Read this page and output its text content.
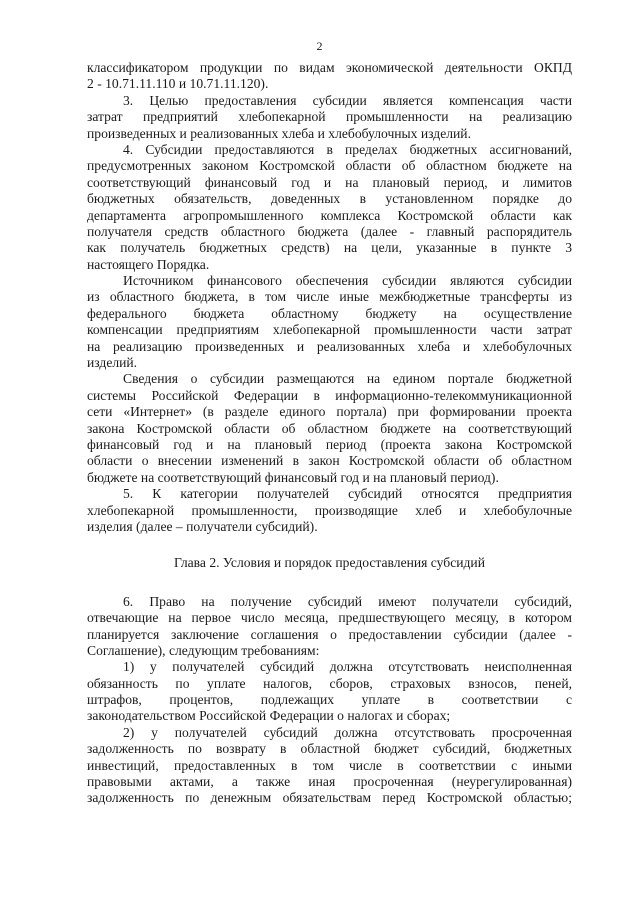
2
классификатором продукции по видам экономической деятельности ОКПД
2 - 10.71.11.110 и 10.71.11.120).
3. Целью предоставления субсидии является компенсация части
затрат предприятий хлебопекарной промышленности на реализацию
произведенных и реализованных хлеба и хлебобулочных изделий.
4. Субсидии предоставляются в пределах бюджетных ассигнований,
предусмотренных законом Костромской области об областном бюджете на
соответствующий финансовый год и на плановый период, и лимитов
бюджетных обязательств, доведенных в установленном порядке до
департамента агропромышленного комплекса Костромской области как
получателя средств областного бюджета (далее - главный распорядитель
как получатель бюджетных средств) на цели, указанные в пункте 3
настоящего Порядка.
Источником финансового обеспечения субсидии являются субсидии
из областного бюджета, в том числе иные межбюджетные трансферты из
федерального бюджета областному бюджету на осуществление
компенсации предприятиям хлебопекарной промышленности части затрат
на реализацию произведенных и реализованных хлеба и хлебобулочных
изделий.
Сведения о субсидии размещаются на едином портале бюджетной
системы Российской Федерации в информационно-телекоммуникационной
сети «Интернет» (в разделе единого портала) при формировании проекта
закона Костромской области об областном бюджете на соответствующий
финансовый год и на плановый период (проекта закона Костромской
области о внесении изменений в закон Костромской области об областном
бюджете на соответствующий финансовый год и на плановый период).
5. К категории получателей субсидий относятся предприятия
хлебопекарной промышленности, производящие хлеб и хлебобулочные
изделия (далее – получатели субсидий).
Глава 2. Условия и порядок предоставления субсидий
6. Право на получение субсидий имеют получатели субсидий,
отвечающие на первое число месяца, предшествующего месяцу, в котором
планируется заключение соглашения о предоставлении субсидии (далее -
Соглашение), следующим требованиям:
1) у получателей субсидий должна отсутствовать неисполненная
обязанность по уплате налогов, сборов, страховых взносов, пеней,
штрафов, процентов, подлежащих уплате в соответствии с
законодательством Российской Федерации о налогах и сборах;
2) у получателей субсидий должна отсутствовать просроченная
задолженность по возврату в областной бюджет субсидий, бюджетных
инвестиций, предоставленных в том числе в соответствии с иными
правовыми актами, а также иная просроченная (неурегулированная)
задолженность по денежным обязательствам перед Костромской областью;
